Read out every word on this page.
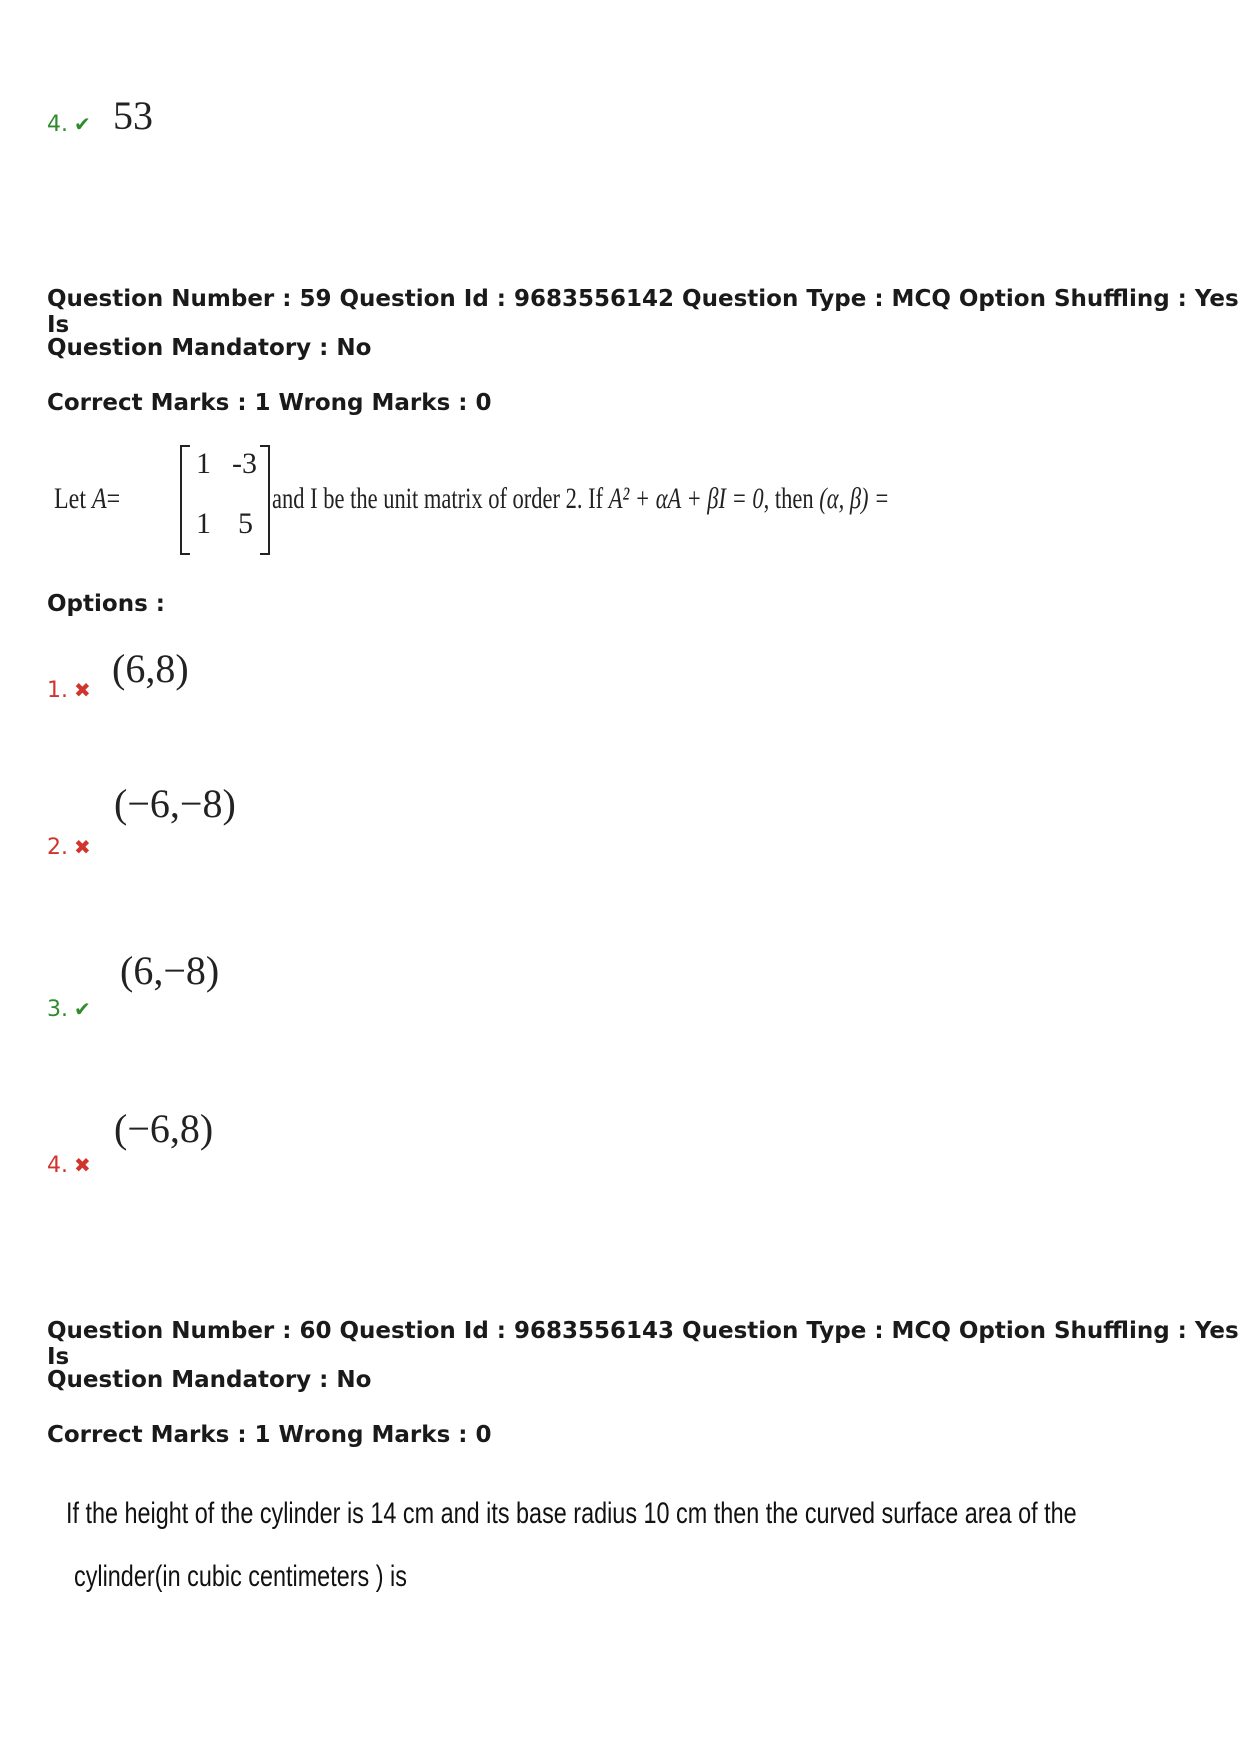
4. ✔ 53
Question Number : 59 Question Id : 9683556142 Question Type : MCQ Option Shuffling : Yes Is
Question Mandatory : No
Correct Marks : 1 Wrong Marks : 0
Let A=
1 -3
1 5
and I be the unit matrix of order 2. If A² + αA + βI = 0, then (α, β) =
Options :
1. ✖ (6,8)
2. ✖
(−6,−8)
3. ✔
(6,−8)
4. ✖
(−6,8)
Question Number : 60 Question Id : 9683556143 Question Type : MCQ Option Shuffling : Yes Is
Question Mandatory : No
Correct Marks : 1 Wrong Marks : 0
If the height of the cylinder is 14 cm and its base radius 10 cm then the curved surface area of the
cylinder(in cubic centimeters ) is
